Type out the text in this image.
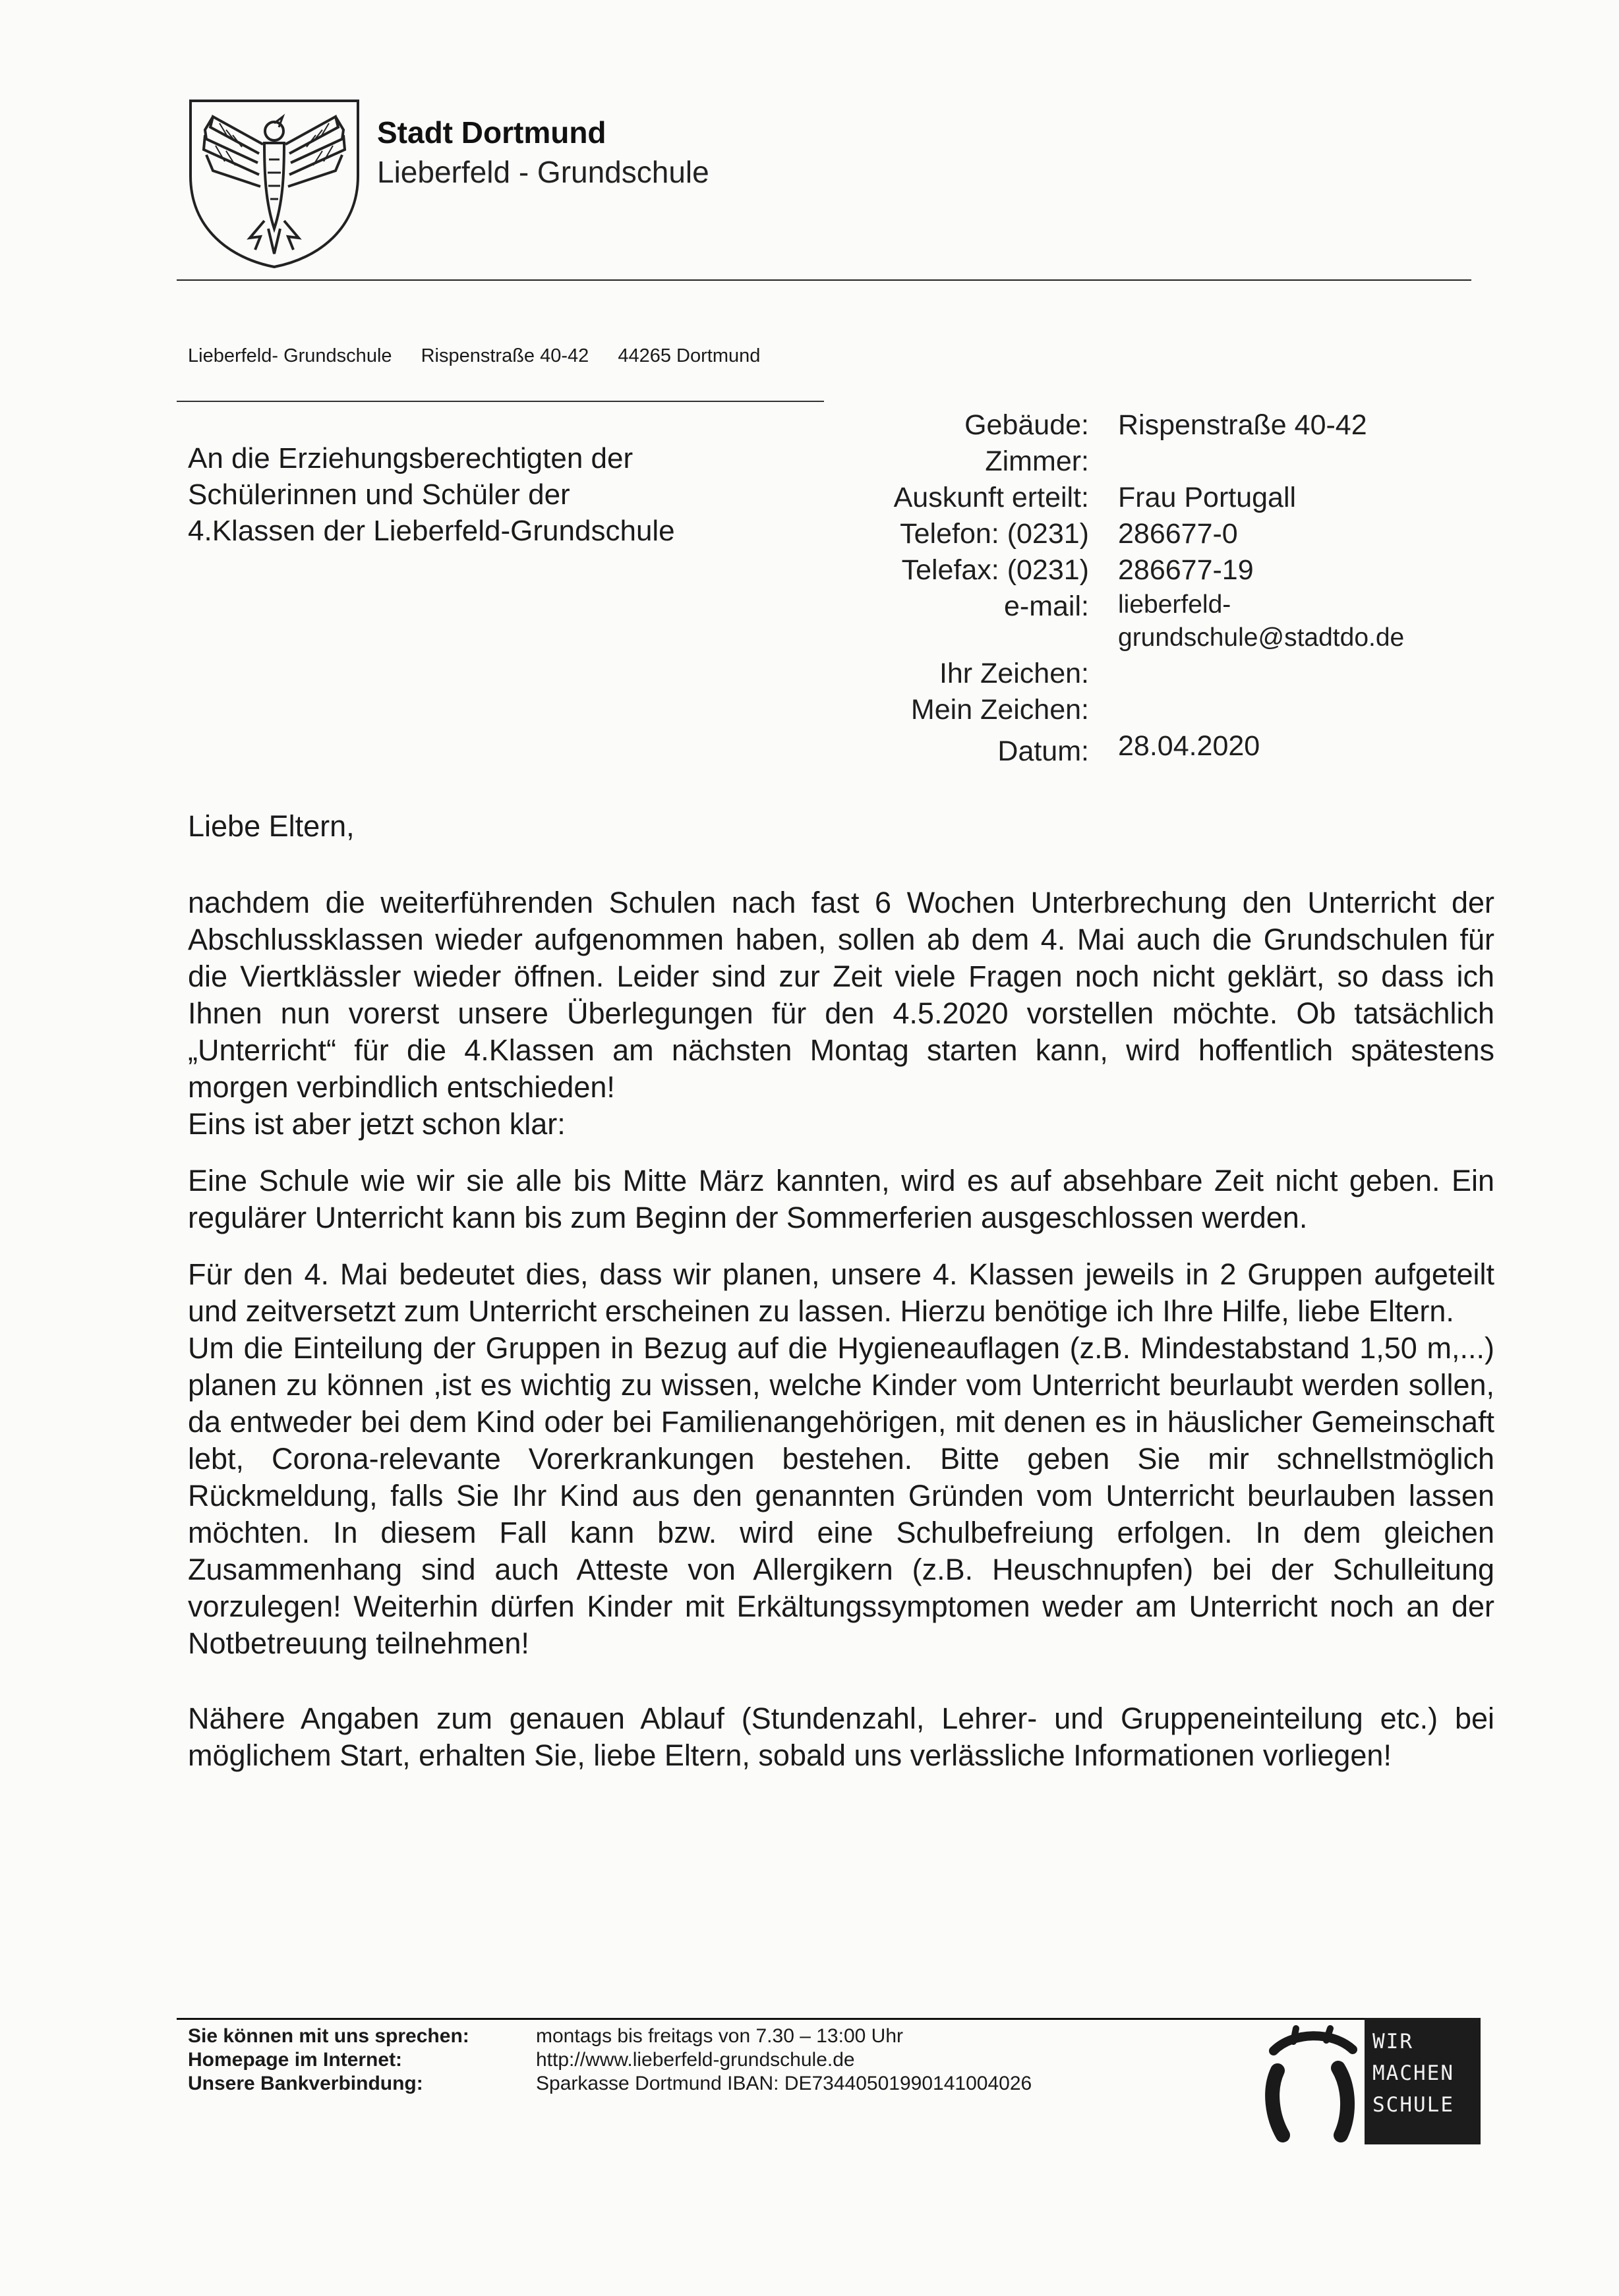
Stadt Dortmund
Lieberfeld - Grundschule
Lieberfeld- Grundschule Rispenstraße 40-42 44265 Dortmund
An die Erziehungsberechtigten der
Schülerinnen und Schüler der
4.Klassen der Lieberfeld-Grundschule
Gebäude:	Rispenstraße 40-42
Zimmer:
Auskunft erteilt:	Frau Portugall
Telefon: (0231)	286677-0
Telefax: (0231)	286677-19
e-mail:	lieberfeld-
grundschule@stadtdo.de
Ihr Zeichen:
Mein Zeichen:
Datum:	28.04.2020
Liebe Eltern,

nachdem die weiterführenden Schulen nach fast 6 Wochen Unterbrechung den Unterricht der Abschlussklassen wieder aufgenommen haben, sollen ab dem 4. Mai auch die Grundschulen für die Viertklässler wieder öffnen. Leider sind zur Zeit viele Fragen noch nicht geklärt, so dass ich Ihnen nun vorerst unsere Überlegungen für den 4.5.2020 vorstellen möchte. Ob tatsächlich „Unterricht“ für die 4.Klassen am nächsten Montag starten kann, wird hoffentlich spätestens morgen verbindlich entschieden!

Eins ist aber jetzt schon klar:

Eine Schule wie wir sie alle bis Mitte März kannten, wird es auf absehbare Zeit nicht geben. Ein regulärer Unterricht kann bis zum Beginn der Sommerferien ausgeschlossen werden.

Für den 4. Mai bedeutet dies, dass wir planen, unsere 4. Klassen jeweils in 2 Gruppen aufgeteilt und zeitversetzt zum Unterricht erscheinen zu lassen. Hierzu benötige ich Ihre Hilfe, liebe Eltern.

Um die Einteilung der Gruppen in Bezug auf die Hygieneauflagen (z.B. Mindestabstand 1,50 m,...) planen zu können ,ist es wichtig zu wissen, welche Kinder vom Unterricht beurlaubt werden sollen, da entweder bei dem Kind oder bei Familienangehörigen, mit denen es in häuslicher Gemeinschaft lebt, Corona-relevante Vorerkrankungen bestehen. Bitte geben Sie mir schnellstmöglich Rückmeldung, falls Sie Ihr Kind aus den genannten Gründen vom Unterricht beurlauben lassen möchten. In diesem Fall kann bzw. wird eine Schulbefreiung erfolgen. In dem gleichen Zusammenhang sind auch Atteste von Allergikern (z.B. Heuschnupfen) bei der Schulleitung vorzulegen! Weiterhin dürfen Kinder mit Erkältungssymptomen weder am Unterricht noch an der Notbetreuung teilnehmen!

Nähere Angaben zum genauen Ablauf (Stundenzahl, Lehrer- und Gruppeneinteilung etc.) bei möglichem Start, erhalten Sie, liebe Eltern, sobald uns verlässliche Informationen vorliegen!

Sie können mit uns sprechen:	montags bis freitags von 7.30 – 13:00 Uhr
Homepage im Internet:	http://www.lieberfeld-grundschule.de
Unsere Bankverbindung:	Sparkasse Dortmund IBAN: DE73440501990141004026
WIR
MACHEN
SCHULE
